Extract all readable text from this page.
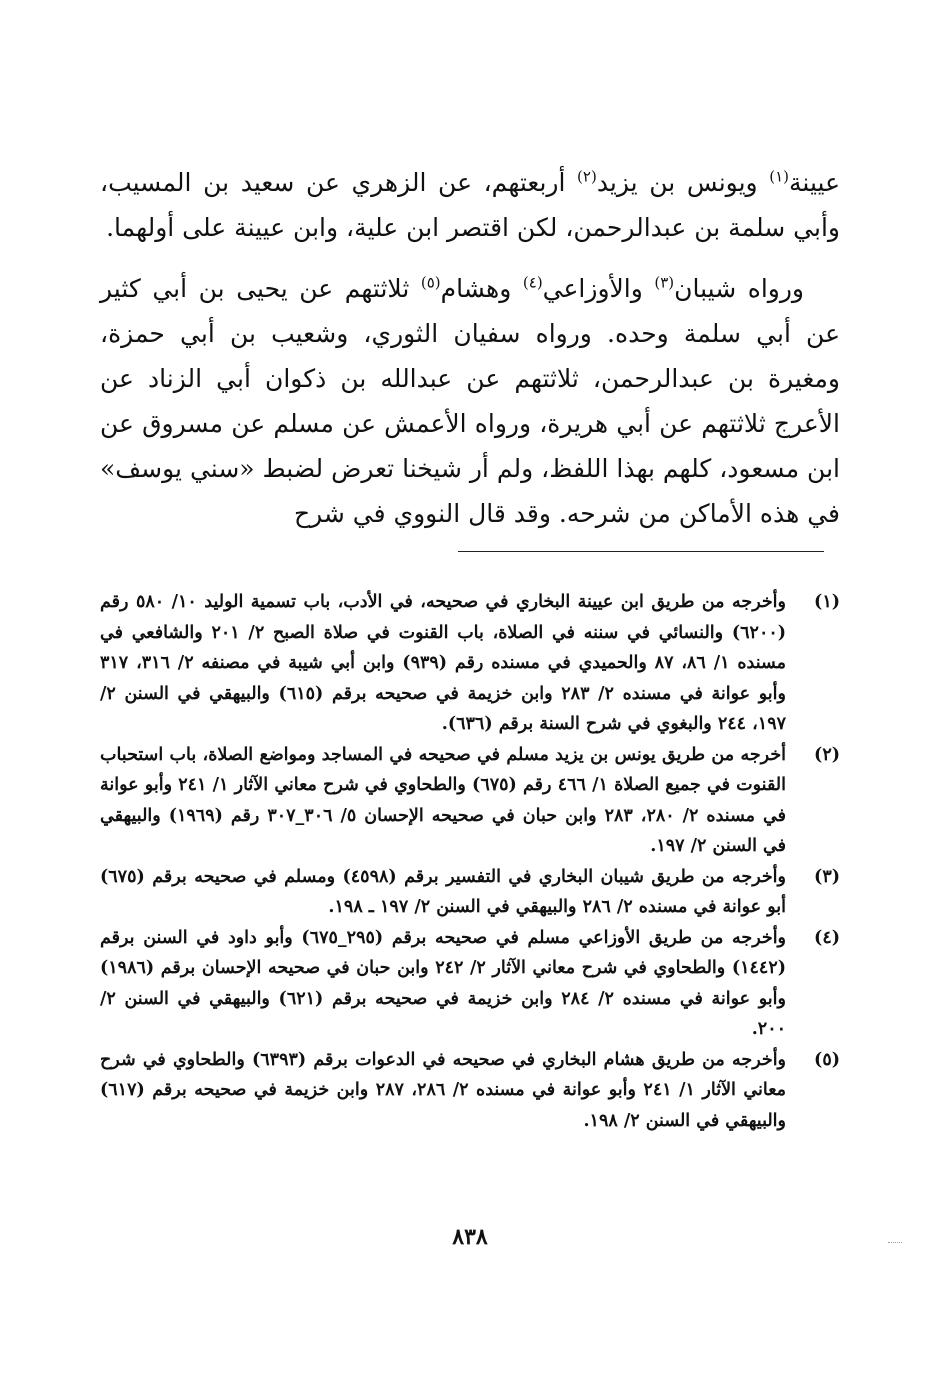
عيينة$^{(١)}$ ويونس بن يزيد$^{(٢)}$ أربعتهم، عن الزهري عن سعيد بن المسيب، وأبي سلمة بن عبدالرحمن، لكن اقتصر ابن علية، وابن عيينة على أولهما.

ورواه شيبان$^{(٣)}$ والأوزاعي$^{(٤)}$ وهشام$^{(٥)}$ ثلاثتهم عن يحيى بن أبي كثير عن أبي سلمة وحده. ورواه سفيان الثوري، وشعيب بن أبي حمزة، ومغيرة بن عبدالرحمن، ثلاثتهم عن عبدالله بن ذكوان أبي الزناد عن الأعرج ثلاثتهم عن أبي هريرة، ورواه الأعمش عن مسلم عن مسروق عن ابن مسعود، كلهم بهذا اللفظ، ولم أر شيخنا تعرض لضبط «سني يوسف» في هذه الأماكن من شرحه. وقد قال النووي في شرح

(١)
وأخرجه من طريق ابن عيينة البخاري في صحيحه، في الأدب، باب تسمية الوليد ١٠/ ٥٨٠ رقم (٦٢٠٠) والنسائي في سننه في الصلاة، باب القنوت في صلاة الصبح ٢/ ٢٠١ والشافعي في مسنده ١/ ٨٦، ٨٧ والحميدي في مسنده رقم (٩٣٩) وابن أبي شيبة في مصنفه ٢/ ٣١٦، ٣١٧ وأبو عوانة في مسنده ٢/ ٢٨٣ وابن خزيمة في صحيحه برقم (٦١٥) والبيهقي في السنن ٢/ ١٩٧، ٢٤٤ والبغوي في شرح السنة برقم (٦٣٦).
(٢)
أخرجه من طريق يونس بن يزيد مسلم في صحيحه في المساجد ومواضع الصلاة، باب استحباب القنوت في جميع الصلاة ١/ ٤٦٦ رقم (٦٧٥) والطحاوي في شرح معاني الآثار ١/ ٢٤١ وأبو عوانة في مسنده ٢/ ٢٨٠، ٢٨٣ وابن حبان في صحيحه الإحسان ٥/ ٣٠٦_٣٠٧ رقم (١٩٦٩) والبيهقي في السنن ٢/ ١٩٧.
(٣)
وأخرجه من طريق شيبان البخاري في التفسير برقم (٤٥٩٨) ومسلم في صحيحه برقم (٦٧٥) أبو عوانة في مسنده ٢/ ٢٨٦ والبيهقي في السنن ٢/ ١٩٧ ـ ١٩٨.
(٤)
وأخرجه من طريق الأوزاعي مسلم في صحيحه برقم (٢٩٥_٦٧٥) وأبو داود في السنن برقم (١٤٤٢) والطحاوي في شرح معاني الآثار ٢/ ٢٤٢ وابن حبان في صحيحه الإحسان برقم (١٩٨٦) وأبو عوانة في مسنده ٢/ ٢٨٤ وابن خزيمة في صحيحه برقم (٦٢١) والبيهقي في السنن ٢/ ٢٠٠.
(٥)
وأخرجه من طريق هشام البخاري في صحيحه في الدعوات برقم (٦٣٩٣) والطحاوي في شرح معاني الآثار ١/ ٢٤١ وأبو عوانة في مسنده ٢/ ٢٨٦، ٢٨٧ وابن خزيمة في صحيحه برقم (٦١٧) والبيهقي في السنن ٢/ ١٩٨.
٨٣٨
